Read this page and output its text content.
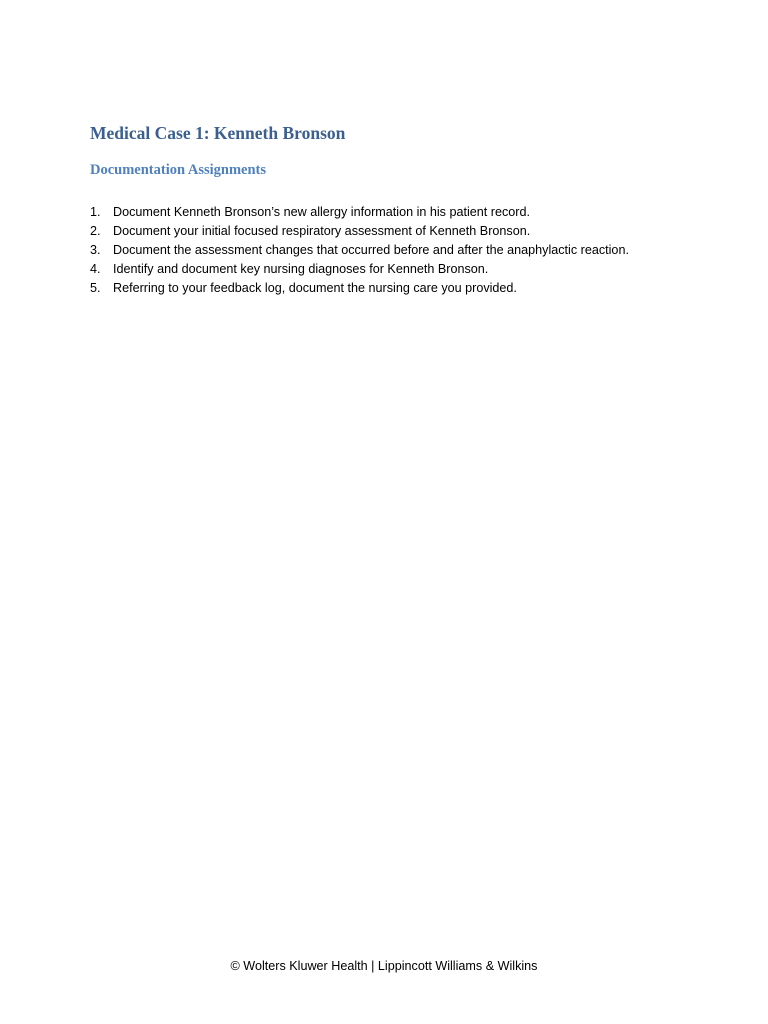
Medical Case 1: Kenneth Bronson
Documentation Assignments
1. Document Kenneth Bronson’s new allergy information in his patient record.
2. Document your initial focused respiratory assessment of Kenneth Bronson.
3. Document the assessment changes that occurred before and after the anaphylactic reaction.
4. Identify and document key nursing diagnoses for Kenneth Bronson.
5. Referring to your feedback log, document the nursing care you provided.
© Wolters Kluwer Health | Lippincott Williams & Wilkins
